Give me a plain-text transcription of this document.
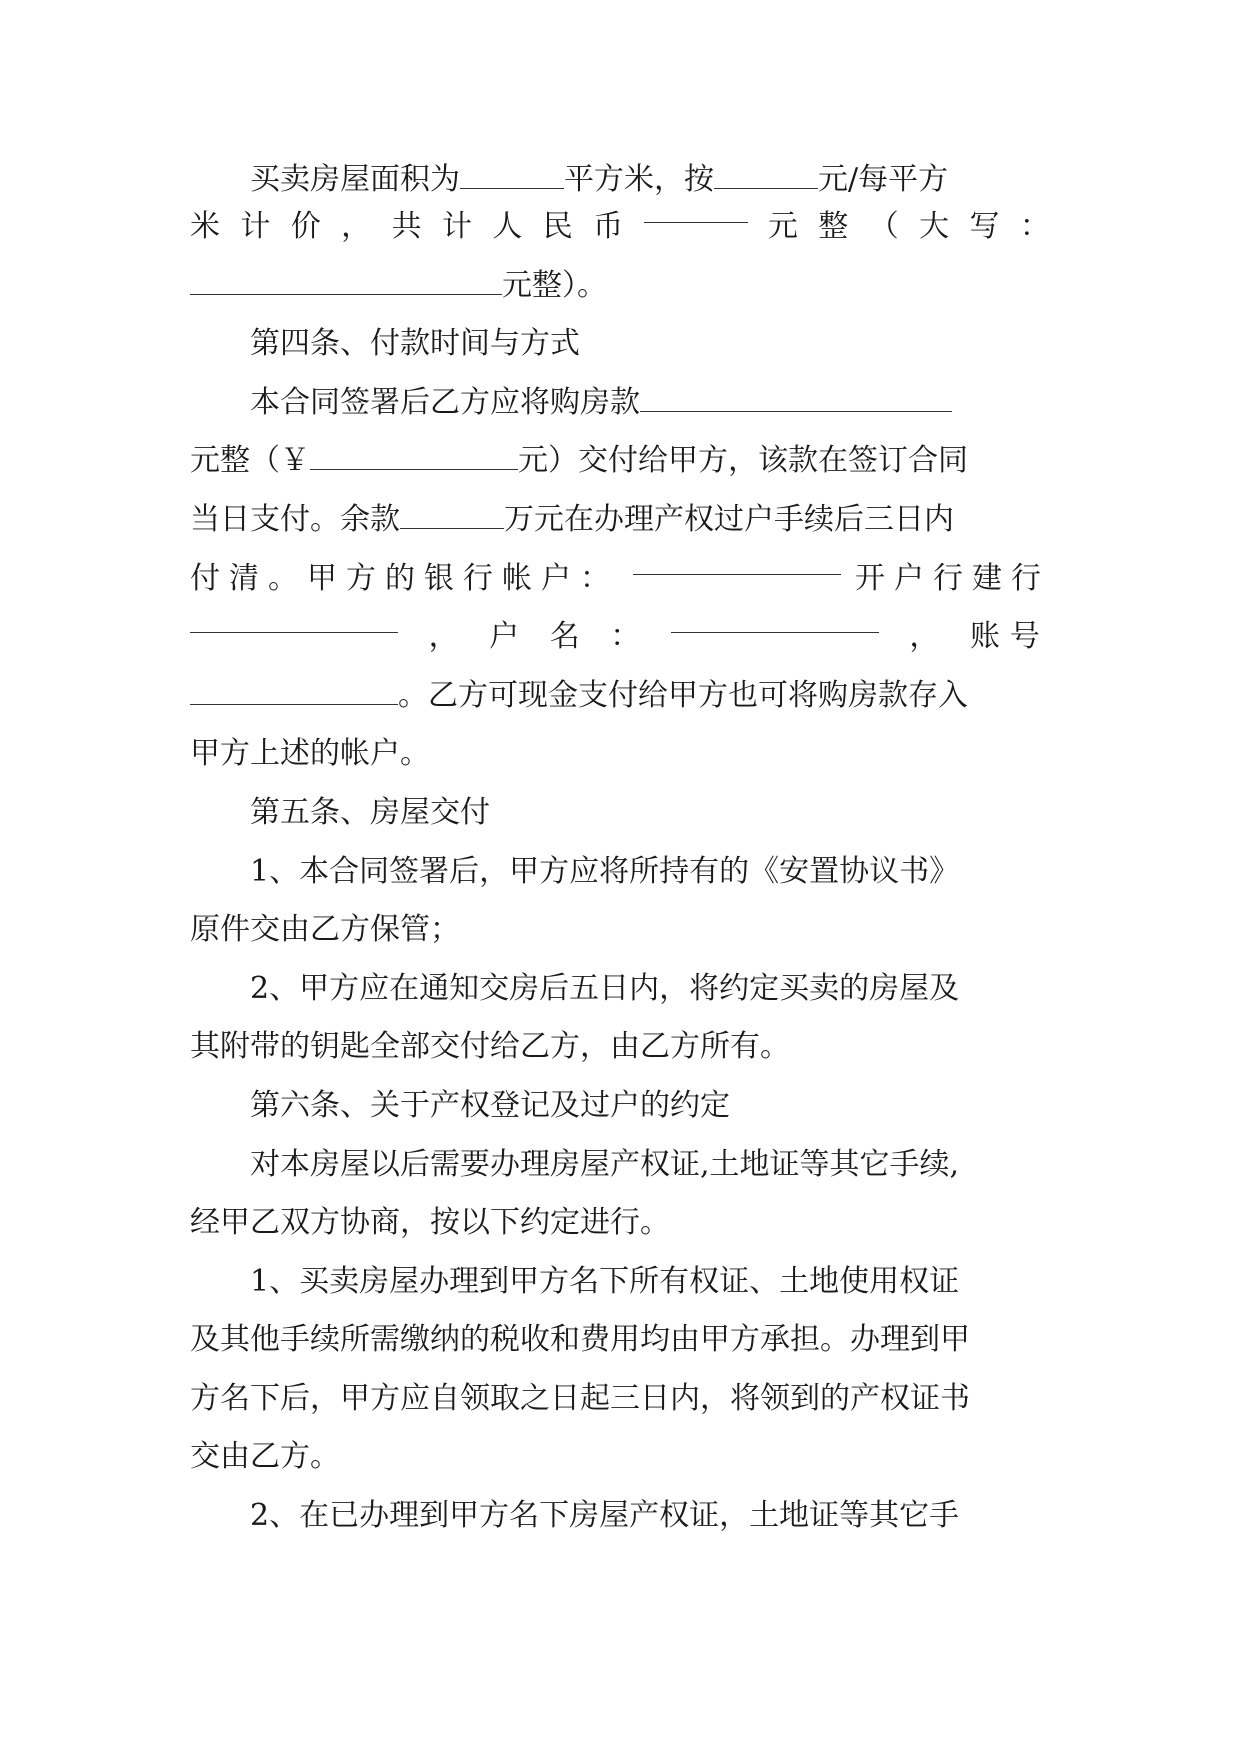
买卖房屋面积为	平方米，按	元/每平方
米 计 价 ， 共 计 人 民 币	元 整 （ 大 写 ：
元整）。
第四条、付款时间与方式
本合同签署后乙方应将购房款
元整（￥	元）交付给甲方，该款在签订合同
当日支付。余款	万元在办理产权过户手续后三日内
付清。甲方的银行帐户：	开户行建行
， 户 名 ：	， 账号
。乙方可现金支付给甲方也可将购房款存入
甲方上述的帐户。
第五条、房屋交付
1、本合同签署后，甲方应将所持有的《安置协议书》
原件交由乙方保管；
2、甲方应在通知交房后五日内，将约定买卖的房屋及
其附带的钥匙全部交付给乙方，由乙方所有。
第六条、关于产权登记及过户的约定
对本房屋以后需要办理房屋产权证,土地证等其它手续,
经甲乙双方协商，按以下约定进行。
1、买卖房屋办理到甲方名下所有权证、土地使用权证
及其他手续所需缴纳的税收和费用均由甲方承担。办理到甲
方名下后，甲方应自领取之日起三日内，将领到的产权证书
交由乙方。
2、在已办理到甲方名下房屋产权证，土地证等其它手
